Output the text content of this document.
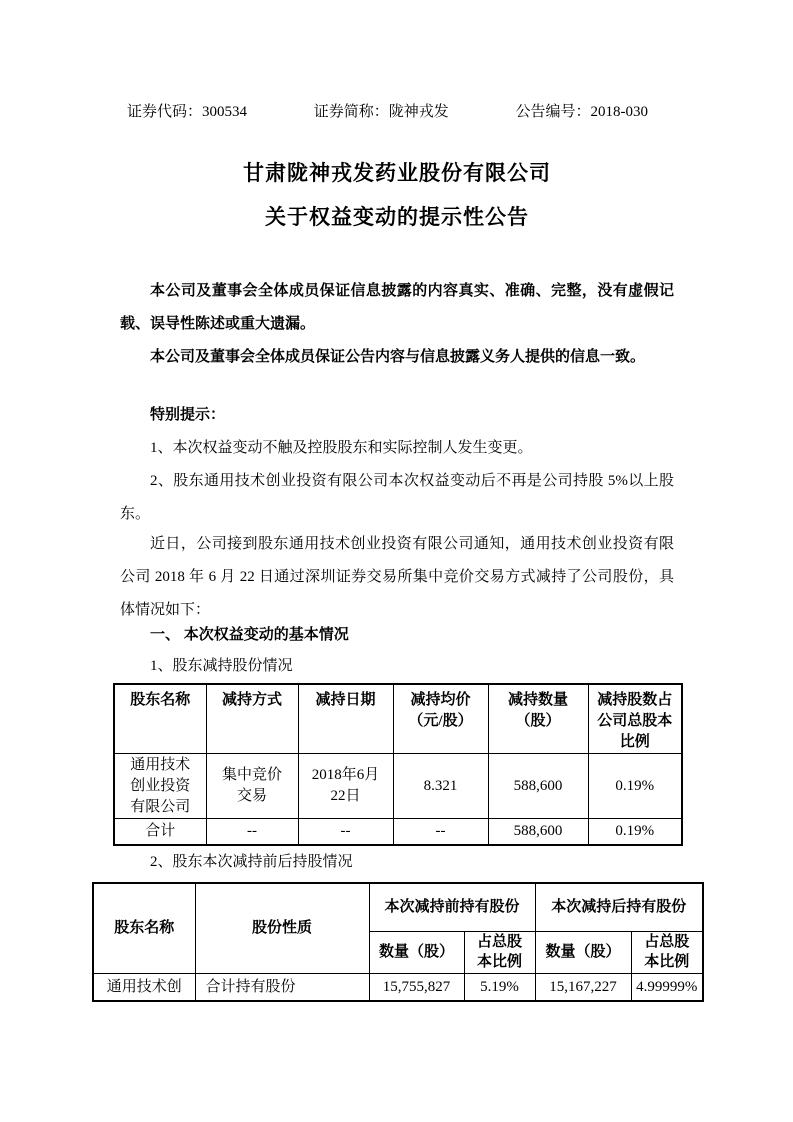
证券代码：300534	证券简称：陇神戎发	公告编号：2018-030
甘肃陇神戎发药业股份有限公司
关于权益变动的提示性公告

本公司及董事会全体成员保证信息披露的内容真实、准确、完整，没有虚假记载、误导性陈述或重大遗漏。

本公司及董事会全体成员保证公告内容与信息披露义务人提供的信息一致。

特别提示：

1、本次权益变动不触及控股股东和实际控制人发生变更。

2、股东通用技术创业投资有限公司本次权益变动后不再是公司持股 5%以上股东。

近日，公司接到股东通用技术创业投资有限公司通知，通用技术创业投资有限公司 2018 年 6 月 22 日通过深圳证券交易所集中竞价交易方式减持了公司股份，具体情况如下：

一、 本次权益变动的基本情况

1、股东减持股份情况

股东名称	减持方式	减持日期	减持均价（元/股）	减持数量（股）	减持股数占公司总股本比例
通用技术创业投资有限公司	集中竞价交易	2018年6月22日	8.321	588,600	0.19%
合计	--	--	--	588,600	0.19%

2、股东本次减持前后持股情况

股东名称	股份性质	本次减持前持有股份		本次减持后持有股份	
		数量（股）	占总股本比例	数量（股）	占总股本比例
通用技术创	合计持有股份	15,755,827	5.19%	15,167,227	4.99999%
